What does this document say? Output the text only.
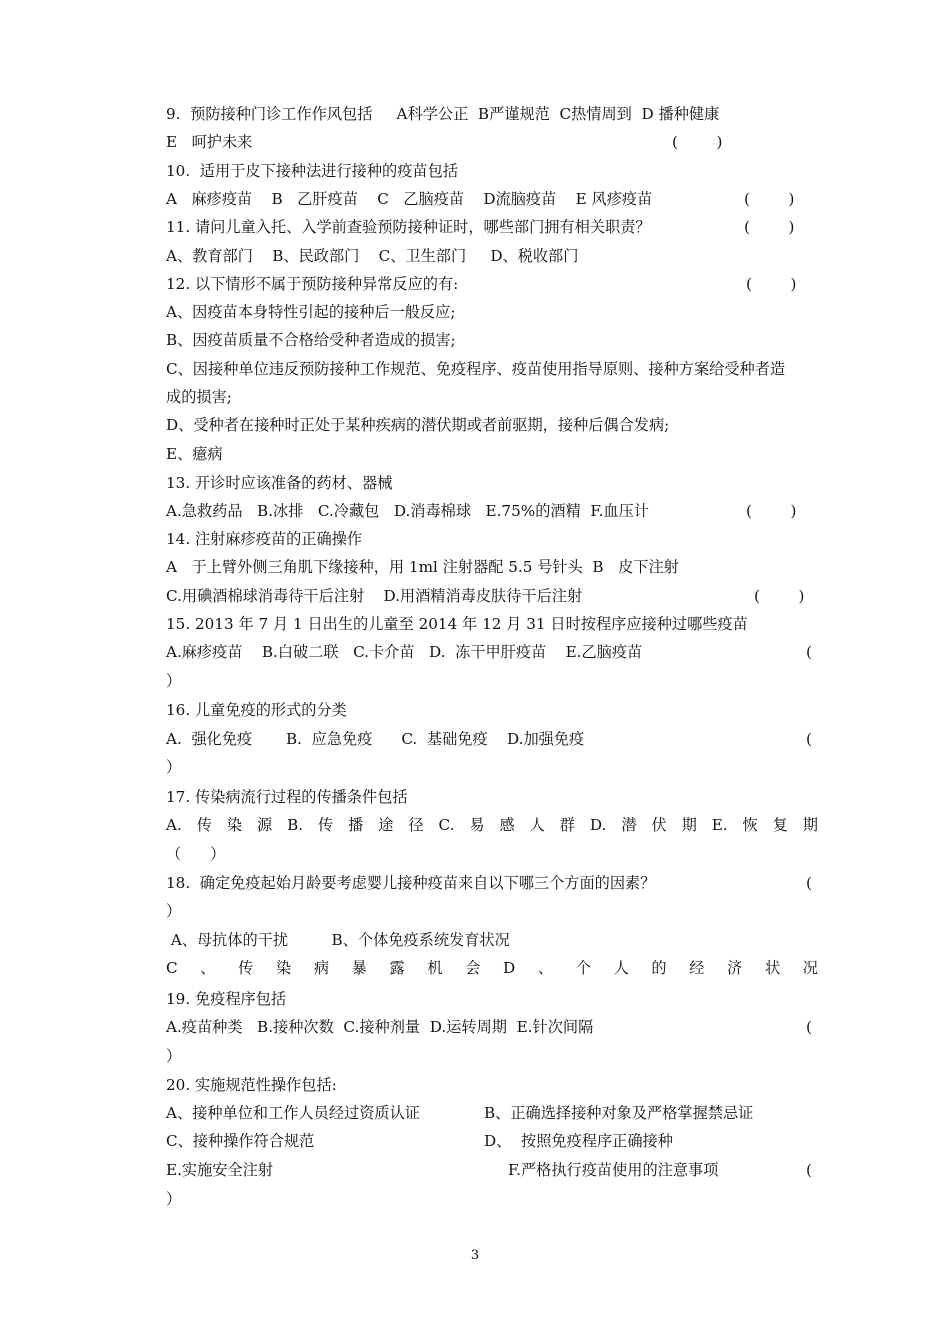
9.  预防接种门诊工作作风包括     A科学公正  B严谨规范  C热情周到  D 播种健康
E   呵护未来	(        )
10.  适用于皮下接种法进行接种的疫苗包括
A   麻疹疫苗    B   乙肝疫苗    C   乙脑疫苗    D流脑疫苗    E 风疹疫苗	(        )
11. 请问儿童入托、入学前查验预防接种证时，哪些部门拥有相关职责？	(        )
A、教育部门    B、民政部门    C、卫生部门     D、税收部门
12. 以下情形不属于预防接种异常反应的有:	(        )
A、因疫苗本身特性引起的接种后一般反应;
B、因疫苗质量不合格给受种者造成的损害;
C、因接种单位违反预防接种工作规范、免疫程序、疫苗使用指导原则、接种方案给受种者造
成的损害;
D、受种者在接种时正处于某种疾病的潜伏期或者前驱期，接种后偶合发病;
E、癔病
13. 开诊时应该准备的药材、器械
A.急救药品   B.冰排   C.冷藏包   D.消毒棉球   E.75%的酒精  F.血压计	(        )
14. 注射麻疹疫苗的正确操作
A   于上臂外侧三角肌下缘接种，用 1ml 注射器配 5.5 号针头  B   皮下注射
C.用碘酒棉球消毒待干后注射    D.用酒精消毒皮肤待干后注射	(        )
15. 2013 年 7 月 1 日出生的儿童至 2014 年 12 月 31 日时按程序应接种过哪些疫苗
A.麻疹疫苗    B.白破二联   C.卡介苗   D.  冻干甲肝疫苗    E.乙脑疫苗	(
）
16. 儿童免疫的形式的分类
A.  强化免疫       B.  应急免疫      C.  基础免疫    D.加强免疫	(
）
17. 传染病流行过程的传播条件包括
A. 传 染 源 B. 传 播 途 径 C. 易 感 人 群 D. 潜 伏 期 E. 恢 复 期
（      ）
18.  确定免疫起始月龄要考虑婴儿接种疫苗来自以下哪三个方面的因素？	(
）
A、母抗体的干扰         B、个体免疫系统发育状况
C 、 传 染 病 暴 露 机 会 D 、 个 人 的 经 济 状 况
19. 免疫程序包括
A.疫苗种类   B.接种次数  C.接种剂量  D.运转周期  E.针次间隔	(
）
20. 实施规范性操作包括:
A、接种单位和工作人员经过资质认证	B、正确选择接种对象及严格掌握禁忌证
C、接种操作符合规范	D、  按照免疫程序正确接种
E.实施安全注射	F.严格执行疫苗使用的注意事项	(
）
3
